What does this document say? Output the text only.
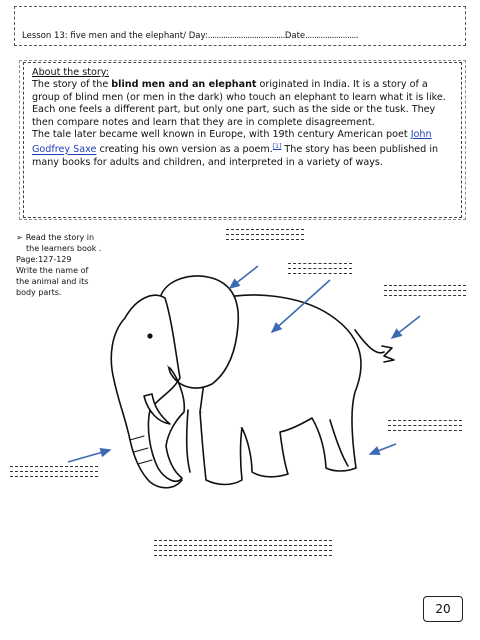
Lesson 13: five men and the elephant/ Day:...................................Date........................
About the story:
The story of the blind men and an elephant originated in India. It is a story of a group of blind men (or men in the dark) who touch an elephant to learn what it is like. Each one feels a different part, but only one part, such as the side or the tusk. They then compare notes and learn that they are in complete disagreement.
The tale later became well known in Europe, with 19th century American poet John Godfrey Saxe creating his own version as a poem.[1] The story has been published in many books for adults and children, and interpreted in a variety of ways.
➢ Read the story in
the learners book .
Page:127-129
Write the name of
the animal and its
body parts.
20
